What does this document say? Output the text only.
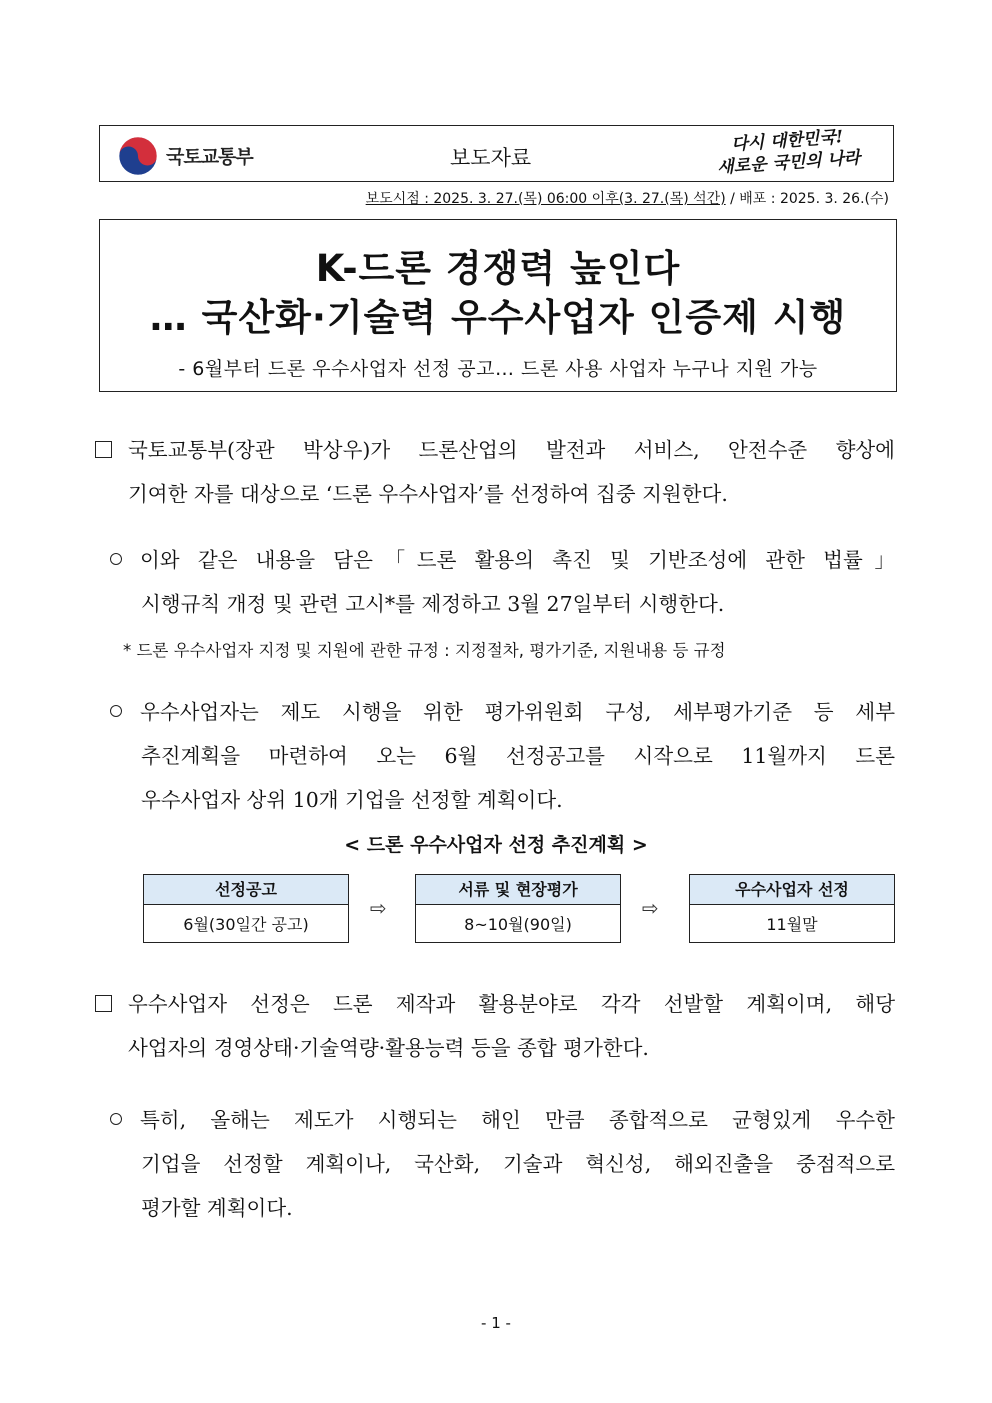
국토교통부	보도자료
다시 대한민국!
새로운 국민의 나라
보도시점 : 2025. 3. 27.(목) 06:00 이후(3. 27.(목) 석간) / 배포 : 2025. 3. 26.(수)
K-드론 경쟁력 높인다
… 국산화·기술력 우수사업자 인증제 시행
- 6월부터 드론 우수사업자 선정 공고… 드론 사용 사업자 누구나 지원 가능
국토교통부(장관 박상우)가 드론산업의 발전과 서비스, 안전수준 향상에
기여한 자를 대상으로 ‘드론 우수사업자’를 선정하여 집중 지원한다.
이와 같은 내용을 담은「드론 활용의 촉진 및 기반조성에 관한 법률」
시행규칙 개정 및 관련 고시*를 제정하고 3월 27일부터 시행한다.
* 드론 우수사업자 지정 및 지원에 관한 규정 : 지정절차, 평가기준, 지원내용 등 규정
우수사업자는 제도 시행을 위한 평가위원회 구성, 세부평가기준 등 세부
추진계획을 마련하여 오는 6월 선정공고를 시작으로 11월까지 드론
우수사업자 상위 10개 기업을 선정할 계획이다.
< 드론 우수사업자 선정 추진계획 >
선정공고
6월(30일간 공고)
⇨
서류 및 현장평가
8~10월(90일)
⇨
우수사업자 선정
11월말
우수사업자 선정은 드론 제작과 활용분야로 각각 선발할 계획이며, 해당
사업자의 경영상태·기술역량·활용능력 등을 종합 평가한다.
특히, 올해는 제도가 시행되는 해인 만큼 종합적으로 균형있게 우수한
기업을 선정할 계획이나, 국산화, 기술과 혁신성, 해외진출을 중점적으로
평가할 계획이다.
- 1 -
